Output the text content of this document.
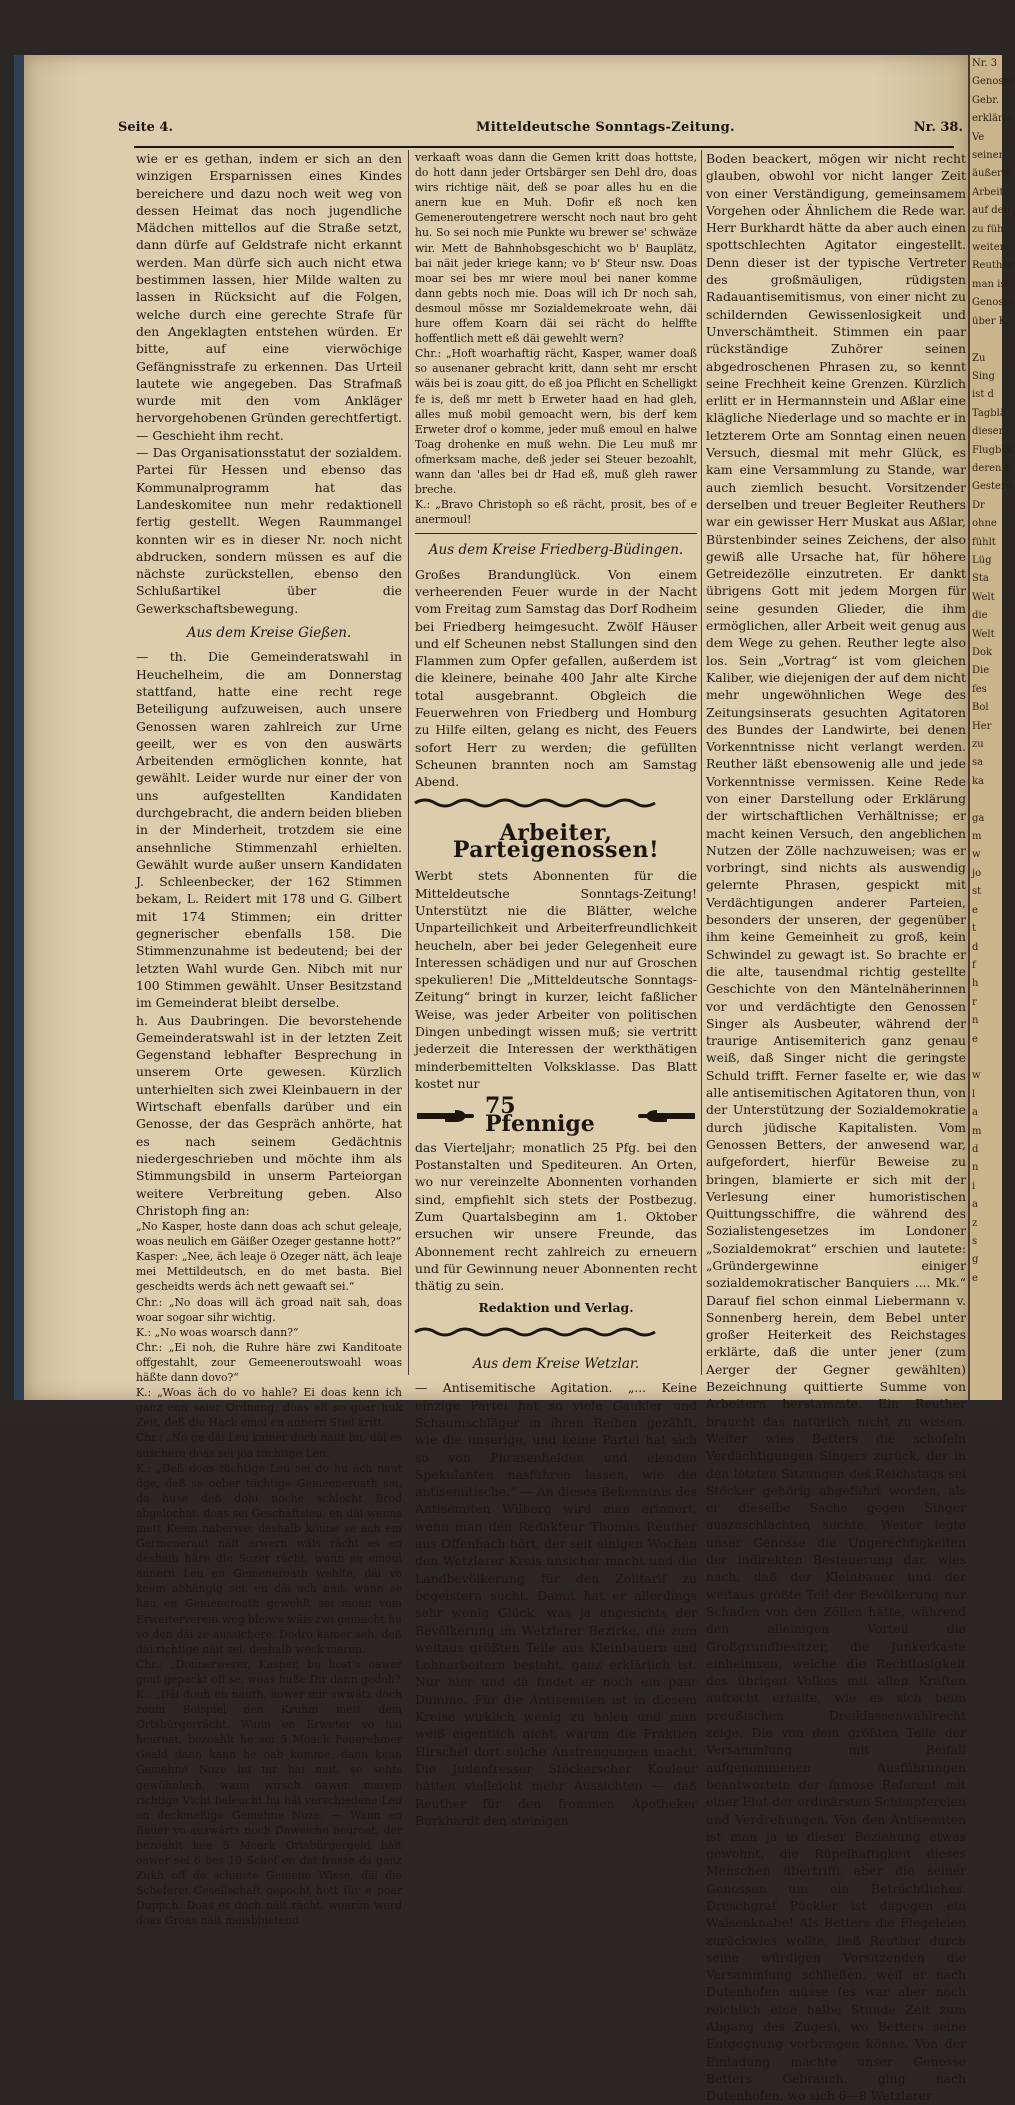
Nr. 3
Genosse
Gebr.
erklärte
Ve
seiner
äußerte
Arbeit
auf den
zu füh
weiter
Reuther
man ist
Genosse
über K

Zu
Sing
ist d
Tagblä
dieser
Flugblät
deren K
Gestern
Dr
ohne
fühlt
Lüg
Sta
Welt
die
Welt
Dok
Die
fes
Bol
Her
zu
sa
ka

ga
m
w
jo
st
e
t
d
f
h
r
n
e

w
l
a
m
d
n
i
a
z
s
g
e
Seite 4.	Mitteldeutsche Sonntags-Zeitung.	Nr. 38.

wie er es gethan, indem er sich an den winzigen Ersparnissen eines Kindes bereichere und dazu noch weit weg von dessen Heimat das noch jugendliche Mädchen mittellos auf die Straße setzt, dann dürfe auf Geldstrafe nicht erkannt werden. Man dürfe sich auch nicht etwa bestimmen lassen, hier Milde walten zu lassen in Rücksicht auf die Folgen, welche durch eine gerechte Strafe für den Angeklagten entstehen würden. Er bitte, auf eine vierwöchige Gefängnisstrafe zu erkennen. Das Urteil lautete wie angegeben. Das Strafmaß wurde mit den vom Ankläger hervorgehobenen Gründen gerechtfertigt. — Geschieht ihm recht.

— Das Organisationsstatut der sozialdem. Partei für Hessen und ebenso das Kommunalprogramm hat das Landeskomitee nun mehr redaktionell fertig gestellt. Wegen Raummangel konnten wir es in dieser Nr. noch nicht abdrucken, sondern müssen es auf die nächste zurückstellen, ebenso den Schlußartikel über die Gewerkschaftsbewegung.

Aus dem Kreise Gießen.

— th. Die Gemeinderatswahl in Heuchelheim, die am Donnerstag stattfand, hatte eine recht rege Beteiligung aufzuweisen, auch unsere Genossen waren zahlreich zur Urne geeilt, wer es von den auswärts Arbeitenden ermöglichen konnte, hat gewählt. Leider wurde nur einer der von uns aufgestellten Kandidaten durchgebracht, die andern beiden blieben in der Minderheit, trotzdem sie eine ansehnliche Stimmenzahl erhielten. Gewählt wurde außer unsern Kandidaten J. Schleenbecker, der 162 Stimmen bekam, L. Reidert mit 178 und G. Gilbert mit 174 Stimmen; ein dritter gegnerischer ebenfalls 158. Die Stimmenzunahme ist bedeutend; bei der letzten Wahl wurde Gen. Nibch mit nur 100 Stimmen gewählt. Unser Besitzstand im Gemeinderat bleibt derselbe.

h. Aus Daubringen. Die bevorstehende Gemeinderatswahl ist in der letzten Zeit Gegenstand lebhafter Besprechung in unserem Orte gewesen. Kürzlich unterhielten sich zwei Kleinbauern in der Wirtschaft ebenfalls darüber und ein Genosse, der das Gespräch anhörte, hat es nach seinem Gedächtnis niedergeschrieben und möchte ihm als Stimmungsbild in unserm Parteiorgan weitere Verbreitung geben. Also Christoph fing an:

„No Kasper, hoste dann doas ach schut geleaje, woas neulich em Gäißer Ozeger gestanne hott?“

Kasper: „Nee, äch leaje ö Ozeger nätt, äch leaje mei Mettildeutsch, en do met basta. Biel gescheidts werds äch nett gewaaft sei.“

Chr.: „No doas will äch groad nait sah, doas woar sogoar sihr wichtig.

K.: „No woas woarsch dann?“

Chr.: „Ei noh, die Ruhre häre zwi Kanditoate offgestahlt, zour Gemeeneroutswoahl woas häßte dann dovo?“

K.: „Woas äch do vo hahle? Ei doas kenn ich ganz enn saier Ordneng, doas eß so goar huk Zeit, deß die Hack emol en annern Stiel kritt.

Chr.: „No ge däi Leu kamer doch naut hu, däi es auschere doas sei joa tüchtige Leu.

K.: „Deß doas tüchtige Leu sei do hu äch naut dge, deß se oeber tüchtige Gemeeneroath sei, do huse deß dohi noche schlecht Brod abgelochat, doas sei Geschäftsleu, en däi wenns mett Keem naberwe; deshalb könne se ach em Germeneraut näit erwern wäis rächt es en deshalb häre die Sozer rächt, wann se emoul annern Leu en Gemeneroath wehlte, däi vo keem abhängig sei, en däi ach nait, wann se hau en Gemeneroath gewehlt sei moan vom Erweiterverein weg bleiwe wäis zwi gemacht hu vo den däi ze aussichere. Dodro kamer seh, deß däi richtige näit sei, deshalb weck meren.

Chr.: „Donnerwerer, Kasper, bu host's oawer gout gepackt off se, woas huße Dir dann gedoh?

K.: „Däi douh en nauth, aower mir swwätz doch zoum Beispiel den Kruhm mett dem Ortsbürgerrächt. Wann en Erweter vo hai heuroat, bezoahlt he sei 5 Moack Feuerehmer Geald dann kann he oab komme, dann kenn Gemehne Noze hu mr hai nait, so sehts gewöhnlech, wann wirsch oawer merem richtige Vicht beleucht hu häi verschiedene Leu en deckmeßige Gemehne Noze. — Wann en Bauer vo auswärts noch Daweiche heuroat, der bezoahlt kee 5 Moark Ortsbürgergeld hält oawer sei 6 bes 10 Schof en dat frasse ds ganz Zukh off de schinste Gemene Wisse, däi die Scheferei Gesellschaft gepocht hott für e poar Duppch. Doas es doch näit rächt, woarim werd doas Groas näit meisbbietend

verkaaft woas dann die Gemen kritt doas hottste, do hott dann jeder Ortsbärger sen Dehl dro, doas wirs richtige näit, deß se poar alles hu en die anern kue en Muh. Dofir eß noch ken Gemeneroutengetrere werscht noch naut bro geht hu. So sei noch mie Punkte wu brewer se' schwäze wir. Mett de Bahnhobsgeschicht wo b' Bauplätz, bai näit jeder kriege kann; vo b' Steur nsw. Doas moar sei bes mr wiere moul bei naner komme dann gebts noch mie. Doas will ich Dr noch sah, desmoul mösse mr Sozialdemekroate wehn, däi hure offem Koarn däi sei rächt do helffte hoffentlich mett eß däi gewehlt wern?

Chr.: „Hoft woarhaftig rächt, Kasper, wamer doaß so ausenaner gebracht kritt, dann seht mr erscht wäis bei is zoau gitt, do eß joa Pflicht en Schelligkt fe is, deß mr mett b Erweter haad en had gleh, alles muß mobil gemoacht wern, bis derf kem Erweter drof o komme, jeder muß emoul en halwe Toag drohenke en muß wehn. Die Leu muß mr ofmerksam mache, deß jeder sei Steuer bezoahlt, wann dan 'alles bei dr Had eß, muß gleh rawer breche.

K.: „Bravo Christoph so eß rächt, prosit, bes of e anermoul!

Aus dem Kreise Friedberg-Büdingen.

Großes Brandunglück. Von einem verheerenden Feuer wurde in der Nacht vom Freitag zum Samstag das Dorf Rodheim bei Friedberg heimgesucht. Zwölf Häuser und elf Scheunen nebst Stallungen sind den Flammen zum Opfer gefallen, außerdem ist die kleinere, beinahe 400 Jahr alte Kirche total ausgebrannt. Obgleich die Feuerwehren von Friedberg und Homburg zu Hilfe eilten, gelang es nicht, des Feuers sofort Herr zu werden; die gefüllten Scheunen brannten noch am Samstag Abend.

Arbeiter, Parteigenossen!

Werbt stets Abonnenten für die Mitteldeutsche Sonntags-Zeitung! Unterstützt nie die Blätter, welche Unparteilichkeit und Arbeiterfreundlichkeit heucheln, aber bei jeder Gelegenheit eure Interessen schädigen und nur auf Groschen spekulieren! Die „Mitteldeutsche Sonntags-Zeitung“ bringt in kurzer, leicht faßlicher Weise, was jeder Arbeiter von politischen Dingen unbedingt wissen muß; sie vertritt jederzeit die Interessen der werkthätigen minderbemittelten Volksklasse. Das Blatt kostet nur

75 Pfennige

das Vierteljahr; monatlich 25 Pfg. bei den Postanstalten und Spediteuren. An Orten, wo nur vereinzelte Abonnenten vorhanden sind, empfiehlt sich stets der Postbezug. Zum Quartalsbeginn am 1. Oktober ersuchen wir unsere Freunde, das Abonnement recht zahlreich zu erneuern und für Gewinnung neuer Abonnenten recht thätig zu sein.

Redaktion und Verlag.
Aus dem Kreise Wetzlar.

— Antisemitische Agitation. „... Keine einzige Partei hat so viele Gaukler und Schaumschläger in ihren Reihen gezählt, wie die unserige, und keine Partei hat sich so von Phrasenhelden und elenden Spekulanten nasführen lassen, wie die antisemitische.“ — An dieses Bekenntnis des Antisemiten Wilberg wird man erinnert, wenn man den Redakteur Thomas Reuther aus Offenbach hört, der seit einigen Wochen den Wetzlarer Kreis unsicher macht und die Landbevölkerung für den Zolltarif zu begeistern sucht. Damit hat er allerdings sehr wenig Glück, was ja angesichts der Bevölkerung im Wetzlarer Bezirke, die zum weitaus größten Teile aus Kleinbauern und Lohnarbeitern besteht, ganz erklärlich ist. Nur hier und da findet er noch ein paar Dumme. Für die Antisemiten ist in diesem Kreise wirklich wenig zu holen und man weiß eigentlich nicht, warum die Fraktion Hirschel dort solche Anstrengungen macht. Die Judenfresser Stöckerscher Kouleur hätten vielleicht mehr Aussichten — daß Reuther für den frommen Apotheker Burkhardt den steinigen

Boden beackert, mögen wir nicht recht glauben, obwohl vor nicht langer Zeit von einer Verständigung, gemeinsamem Vorgehen oder Ähnlichem die Rede war. Herr Burkhardt hätte da aber auch einen spottschlechten Agitator eingestellt. Denn dieser ist der typische Vertreter des großmäuligen, rüdigsten Radauantisemitismus, von einer nicht zu schildernden Gewissenlosigkeit und Unverschämtheit. Stimmen ein paar rückständige Zuhörer seinen abgedroschenen Phrasen zu, so kennt seine Frechheit keine Grenzen. Kürzlich erlitt er in Hermannstein und Aßlar eine klägliche Niederlage und so machte er in letzterem Orte am Sonntag einen neuen Versuch, diesmal mit mehr Glück, es kam eine Versammlung zu Stande, war auch ziemlich besucht. Vorsitzender derselben und treuer Begleiter Reuthers war ein gewisser Herr Muskat aus Aßlar, Bürstenbinder seines Zeichens, der also gewiß alle Ursache hat, für höhere Getreidezölle einzutreten. Er dankt übrigens Gott mit jedem Morgen für seine gesunden Glieder, die ihm ermöglichen, aller Arbeit weit genug aus dem Wege zu gehen. Reuther legte also los. Sein „Vortrag“ ist vom gleichen Kaliber, wie diejenigen der auf dem nicht mehr ungewöhnlichen Wege des Zeitungsinserats gesuchten Agitatoren des Bundes der Landwirte, bei denen Vorkenntnisse nicht verlangt werden. Reuther läßt ebensowenig alle und jede Vorkenntnisse vermissen. Keine Rede von einer Darstellung oder Erklärung der wirtschaftlichen Verhältnisse; er macht keinen Versuch, den angeblichen Nutzen der Zölle nachzuweisen; was er vorbringt, sind nichts als auswendig gelernte Phrasen, gespickt mit Verdächtigungen anderer Parteien, besonders der unseren, der gegenüber ihm keine Gemeinheit zu groß, kein Schwindel zu gewagt ist. So brachte er die alte, tausendmal richtig gestellte Geschichte von den Mäntelnäherinnen vor und verdächtigte den Genossen Singer als Ausbeuter, während der traurige Antisemiterich ganz genau weiß, daß Singer nicht die geringste Schuld trifft. Ferner faselte er, wie das alle antisemitischen Agitatoren thun, von der Unterstützung der Sozialdemokratie durch jüdische Kapitalisten. Vom Genossen Betters, der anwesend war, aufgefordert, hierfür Beweise zu bringen, blamierte er sich mit der Verlesung einer humoristischen Quittungsschiffre, die während des Sozialistengesetzes im Londoner „Sozialdemokrat“ erschien und lautete: „Gründergewinne einiger sozialdemokratischer Banquiers .... Mk.“ Darauf fiel schon einmal Liebermann v. Sonnenberg herein, dem Bebel unter großer Heiterkeit des Reichstages erklärte, daß die unter jener (zum Aerger der Gegner gewählten) Bezeichnung quittierte Summe von Arbeitern herstammte. Ein Reuther braucht das natürlich nicht zu wissen. Weiter wies Betters die schofeln Verdächtigungen Singers zurück, der in den letzten Sitzungen des Reichstags sei Stöcker gehörig abgeführt worden, als er dieselbe Sache gegen Singer auszuschlachten suchte. Weiter legte unser Genosse die Ungerechtigkeiten der indirekten Besteuerung dar, wies nach, daß der Kleinbauer und der weitaus größte Teil der Bevölkerung nur Schaden von den Zöllen hätte, während den alleinigen Vorteil die Großgrundbesitzer, die Junkerkaste einheimsen, welche die Rechtlosigkeit des übrigen Volkes mit allen Kräften aufrecht erhalte, wie es sich beim preußischen Dreiklassenwahlrecht zeige. Die von dem größten Teile der Versammlung mit Beifall aufgenommenen Ausführungen beantwortete der famose Referent mit einer Flut der ordinärsten Schimpfereien und Verdrehungen. Von den Antisemiten ist man ja in dieser Beziehung etwas gewohnt, die Rüpelhaftigkeit dieses Menschen übertrifft aber die seiner Genossen um ein Beträchtliches. Dreschgraf Pückler ist dagegen ein Waisenknabe! Als Betters die Flegeleien zurückwies wollte, ließ Reuther durch seine würdigen Vorsitzenden die Versammlung schließen, weil er nach Dutenhofen müsse (es war aber noch reichlich eine halbe Stunde Zeit zum Abgang des Zuges), wo Betters seine Entgegnung vorbringen könne. Von der Einladung machte unser Genosse Betters Gebrauch, ging nach Dutenhofen, wo sich 6—8 Wetzlarer
